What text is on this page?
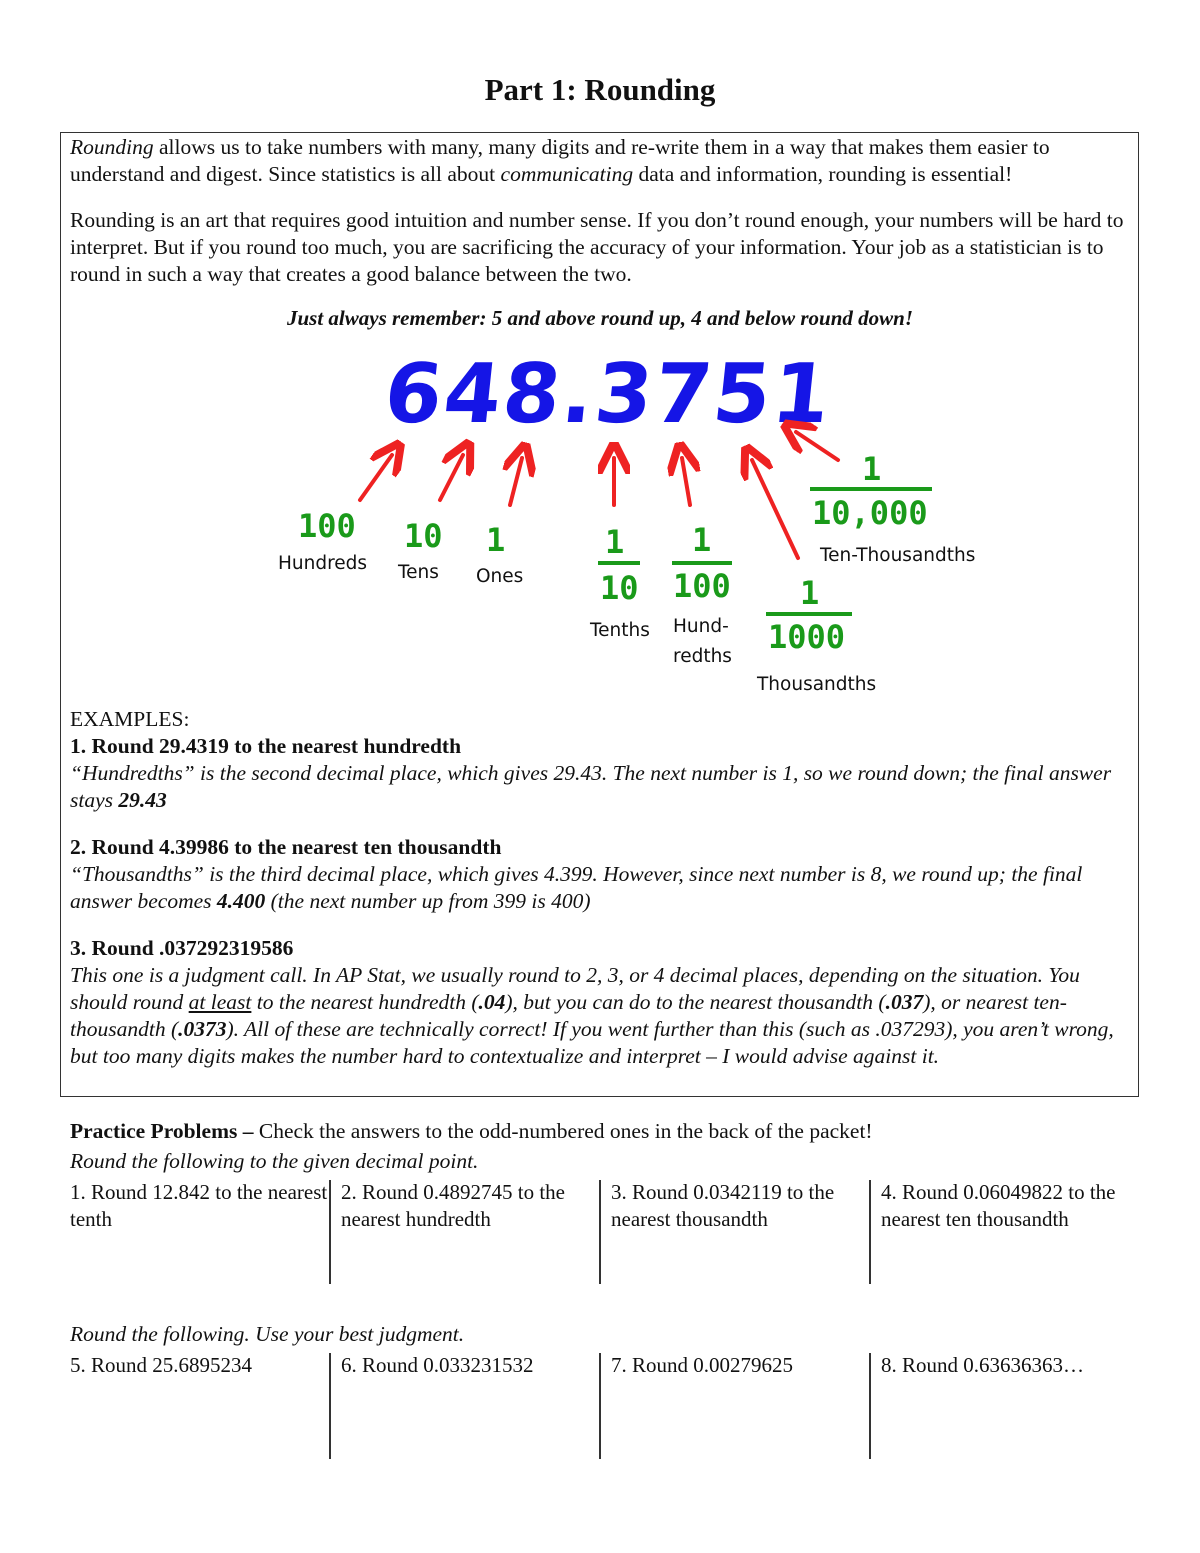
Part 1: Rounding

Rounding allows us to take numbers with many, many digits and re-write them in a way that makes them easier to understand and digest. Since statistics is all about communicating data and information, rounding is essential!

Rounding is an art that requires good intuition and number sense. If you don’t round enough, your numbers will be hard to interpret. But if you round too much, you are sacrificing the accuracy of your information. Your job as a statistician is to round in such a way that creates a good balance between the two.

Just always remember: 5 and above round up, 4 and below round down!
648.3751
100
Hundreds
10
Tens
1
Ones
1
10
Tenths
1
100
Hund-
redths
1
1000
Thousandths
1
10,000
Ten-Thousandths
EXAMPLES:
1. Round 29.4319 to the nearest hundredth

“Hundredths” is the second decimal place, which gives 29.43. The next number is 1, so we round down; the final answer stays 29.43

2. Round 4.39986 to the nearest ten thousandth

“Thousandths” is the third decimal place, which gives 4.399. However, since next number is 8, we round up; the final answer becomes 4.400 (the next number up from 399 is 400)

3. Round .037292319586

This one is a judgment call. In AP Stat, we usually round to 2, 3, or 4 decimal places, depending on the situation. You should round at least to the nearest hundredth (.04), but you can do to the nearest thousandth (.037), or nearest ten-thousandth (.0373). All of these are technically correct! If you went further than this (such as .037293), you aren’t wrong, but too many digits makes the number hard to contextualize and interpret – I would advise against it.

Practice Problems – Check the answers to the odd-numbered ones in the back of the packet!
Round the following to the given decimal point.
1. Round 12.842 to the nearest tenth
2. Round 0.4892745 to the nearest hundredth
3. Round 0.0342119 to the nearest thousandth
4. Round 0.06049822 to the nearest ten thousandth
Round the following. Use your best judgment.
5. Round 25.6895234	6. Round 0.033231532	7. Round 0.00279625	8. Round 0.63636363…
